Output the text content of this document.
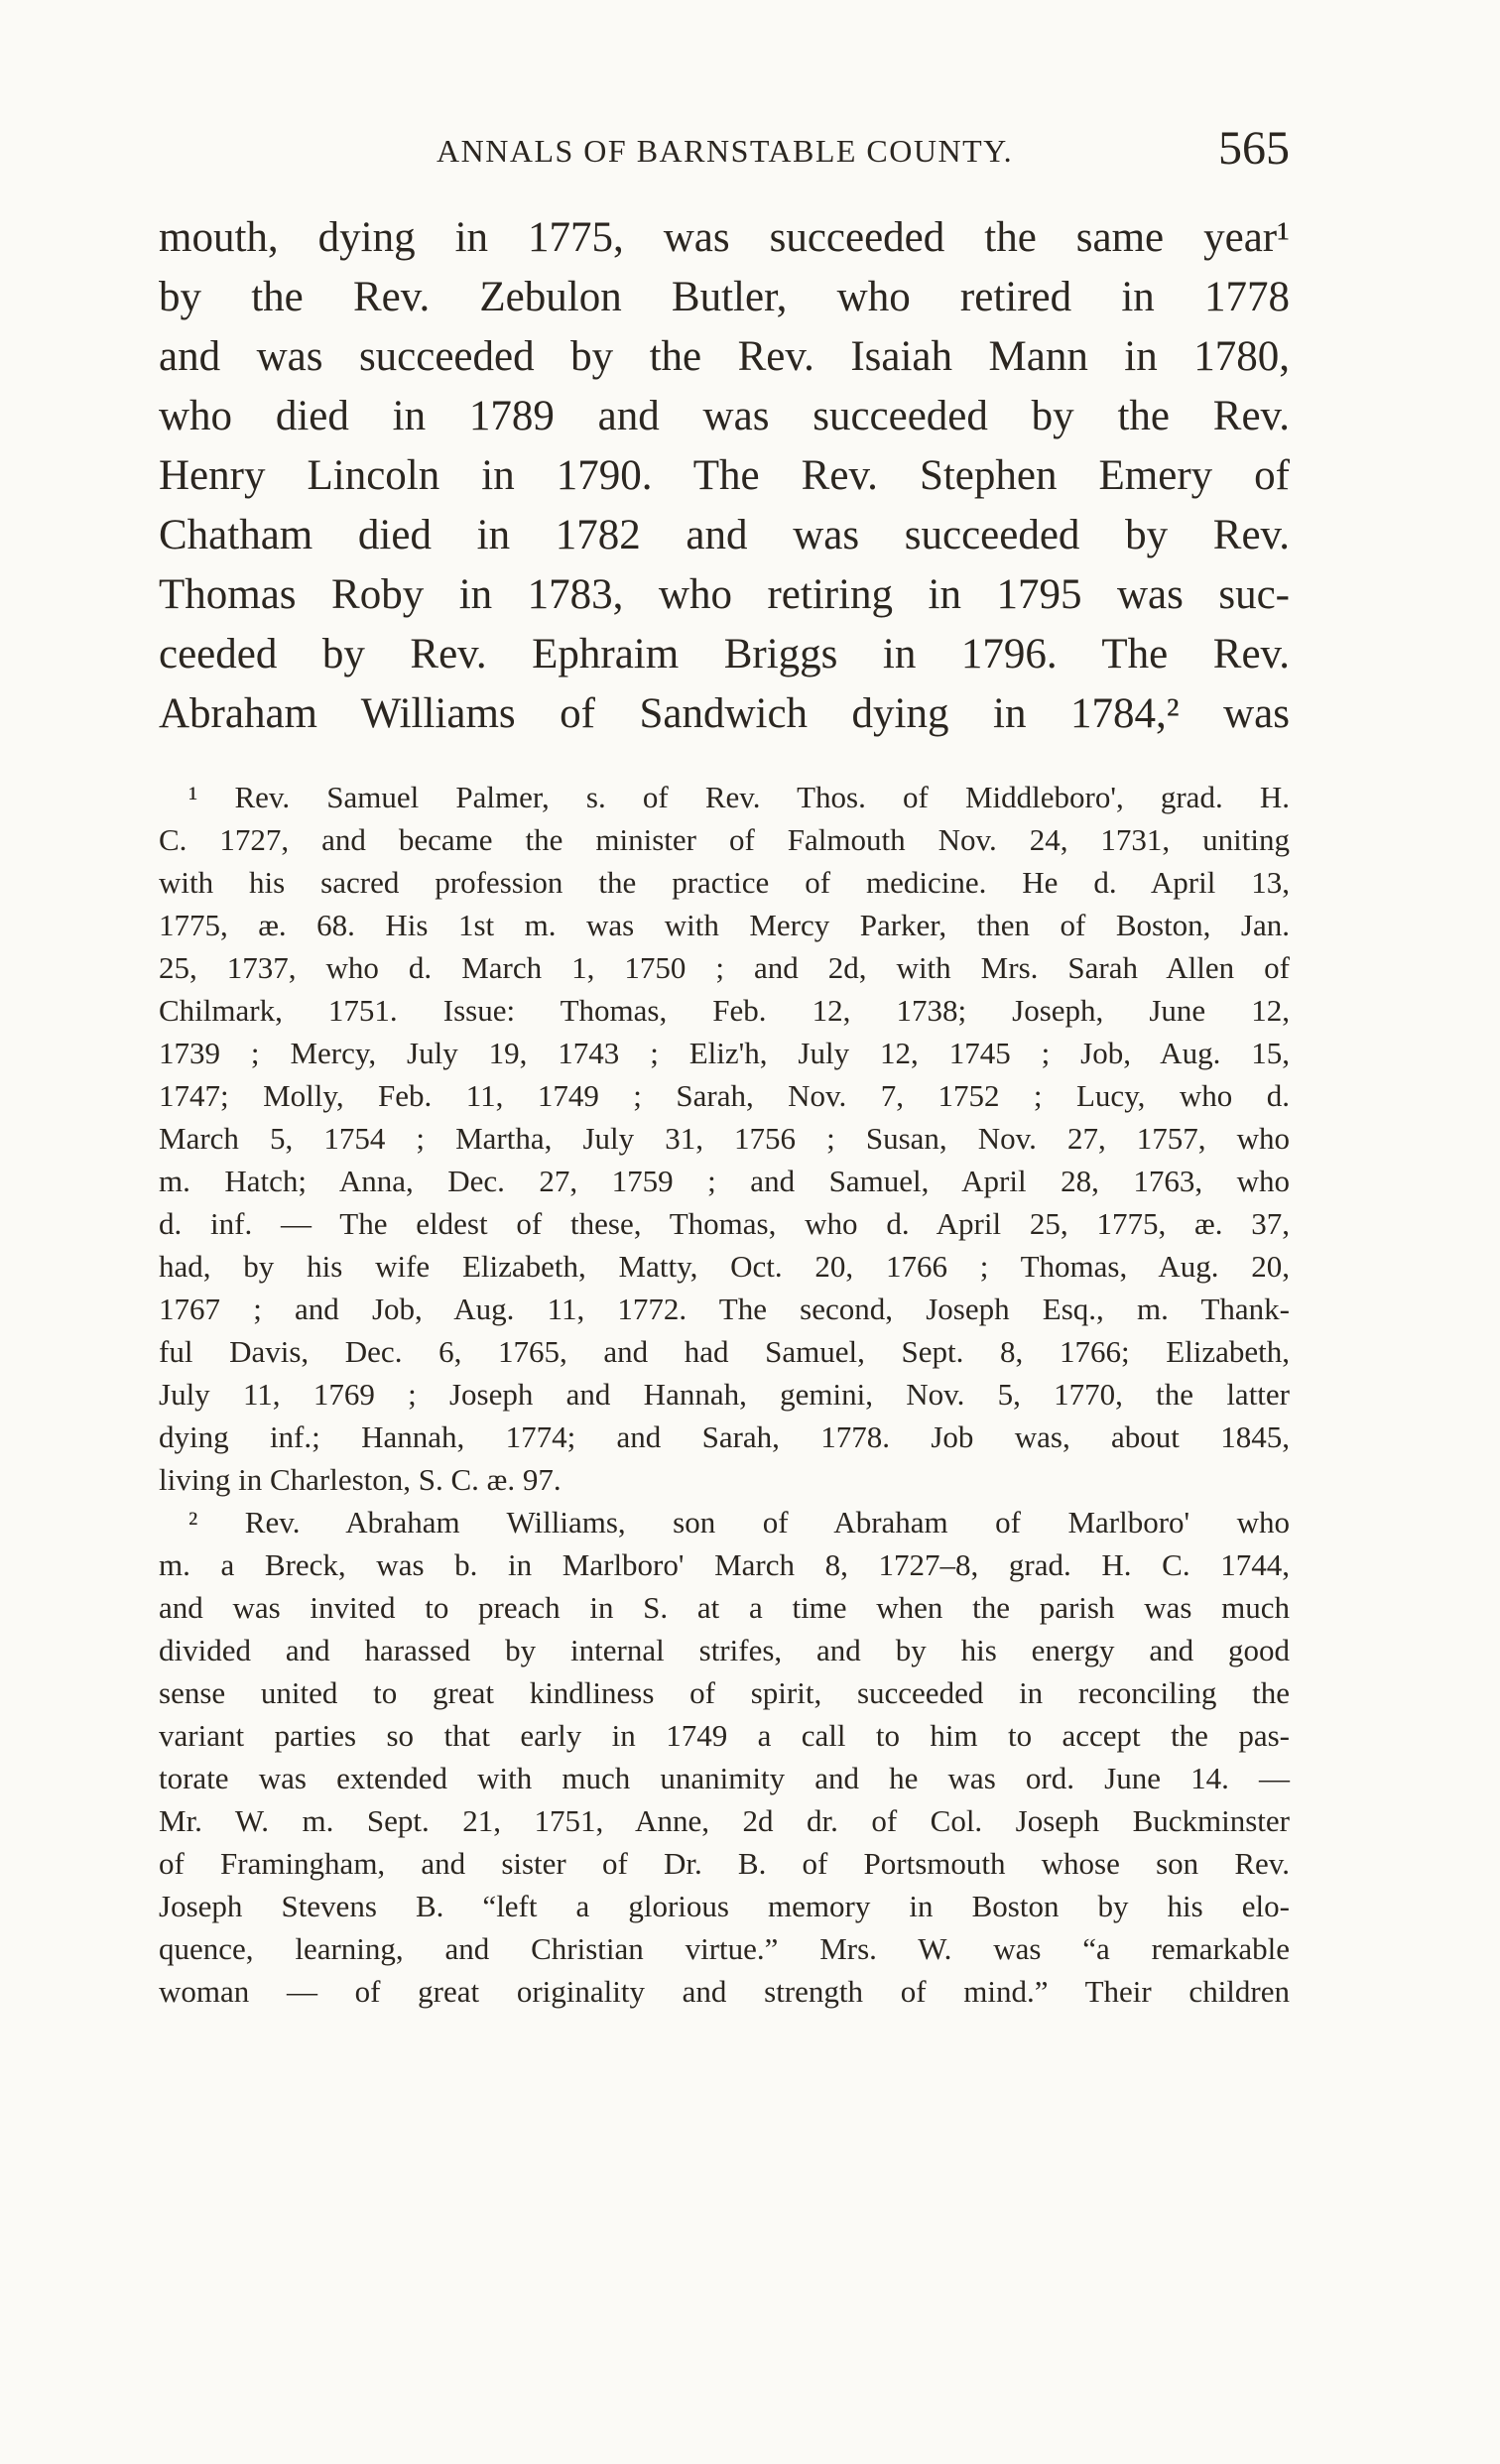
ANNALS OF BARNSTABLE COUNTY.	565
mouth, dying in 1775, was succeeded the same year¹
by the Rev. Zebulon Butler, who retired in 1778
and was succeeded by the Rev. Isaiah Mann in 1780,
who died in 1789 and was succeeded by the Rev.
Henry Lincoln in 1790. The Rev. Stephen Emery of
Chatham died in 1782 and was succeeded by Rev.
Thomas Roby in 1783, who retiring in 1795 was suc-
ceeded by Rev. Ephraim Briggs in 1796. The Rev.
Abraham Williams of Sandwich dying in 1784,² was
¹ Rev. Samuel Palmer, s. of Rev. Thos. of Middleboro', grad. H.
C. 1727, and became the minister of Falmouth Nov. 24, 1731, uniting
with his sacred profession the practice of medicine. He d. April 13,
1775, æ. 68. His 1st m. was with Mercy Parker, then of Boston, Jan.
25, 1737, who d. March 1, 1750 ; and 2d, with Mrs. Sarah Allen of
Chilmark, 1751. Issue: Thomas, Feb. 12, 1738; Joseph, June 12,
1739 ; Mercy, July 19, 1743 ; Eliz'h, July 12, 1745 ; Job, Aug. 15,
1747; Molly, Feb. 11, 1749 ; Sarah, Nov. 7, 1752 ; Lucy, who d.
March 5, 1754 ; Martha, July 31, 1756 ; Susan, Nov. 27, 1757, who
m. Hatch; Anna, Dec. 27, 1759 ; and Samuel, April 28, 1763, who
d. inf. — The eldest of these, Thomas, who d. April 25, 1775, æ. 37,
had, by his wife Elizabeth, Matty, Oct. 20, 1766 ; Thomas, Aug. 20,
1767 ; and Job, Aug. 11, 1772. The second, Joseph Esq., m. Thank-
ful Davis, Dec. 6, 1765, and had Samuel, Sept. 8, 1766; Elizabeth,
July 11, 1769 ; Joseph and Hannah, gemini, Nov. 5, 1770, the latter
dying inf.; Hannah, 1774; and Sarah, 1778. Job was, about 1845,
living in Charleston, S. C. æ. 97.
² Rev. Abraham Williams, son of Abraham of Marlboro' who
m. a Breck, was b. in Marlboro' March 8, 1727–8, grad. H. C. 1744,
and was invited to preach in S. at a time when the parish was much
divided and harassed by internal strifes, and by his energy and good
sense united to great kindliness of spirit, succeeded in reconciling the
variant parties so that early in 1749 a call to him to accept the pas-
torate was extended with much unanimity and he was ord. June 14. —
Mr. W. m. Sept. 21, 1751, Anne, 2d dr. of Col. Joseph Buckminster
of Framingham, and sister of Dr. B. of Portsmouth whose son Rev.
Joseph Stevens B. “left a glorious memory in Boston by his elo-
quence, learning, and Christian virtue.” Mrs. W. was “a remarkable
woman — of great originality and strength of mind.” Their children
